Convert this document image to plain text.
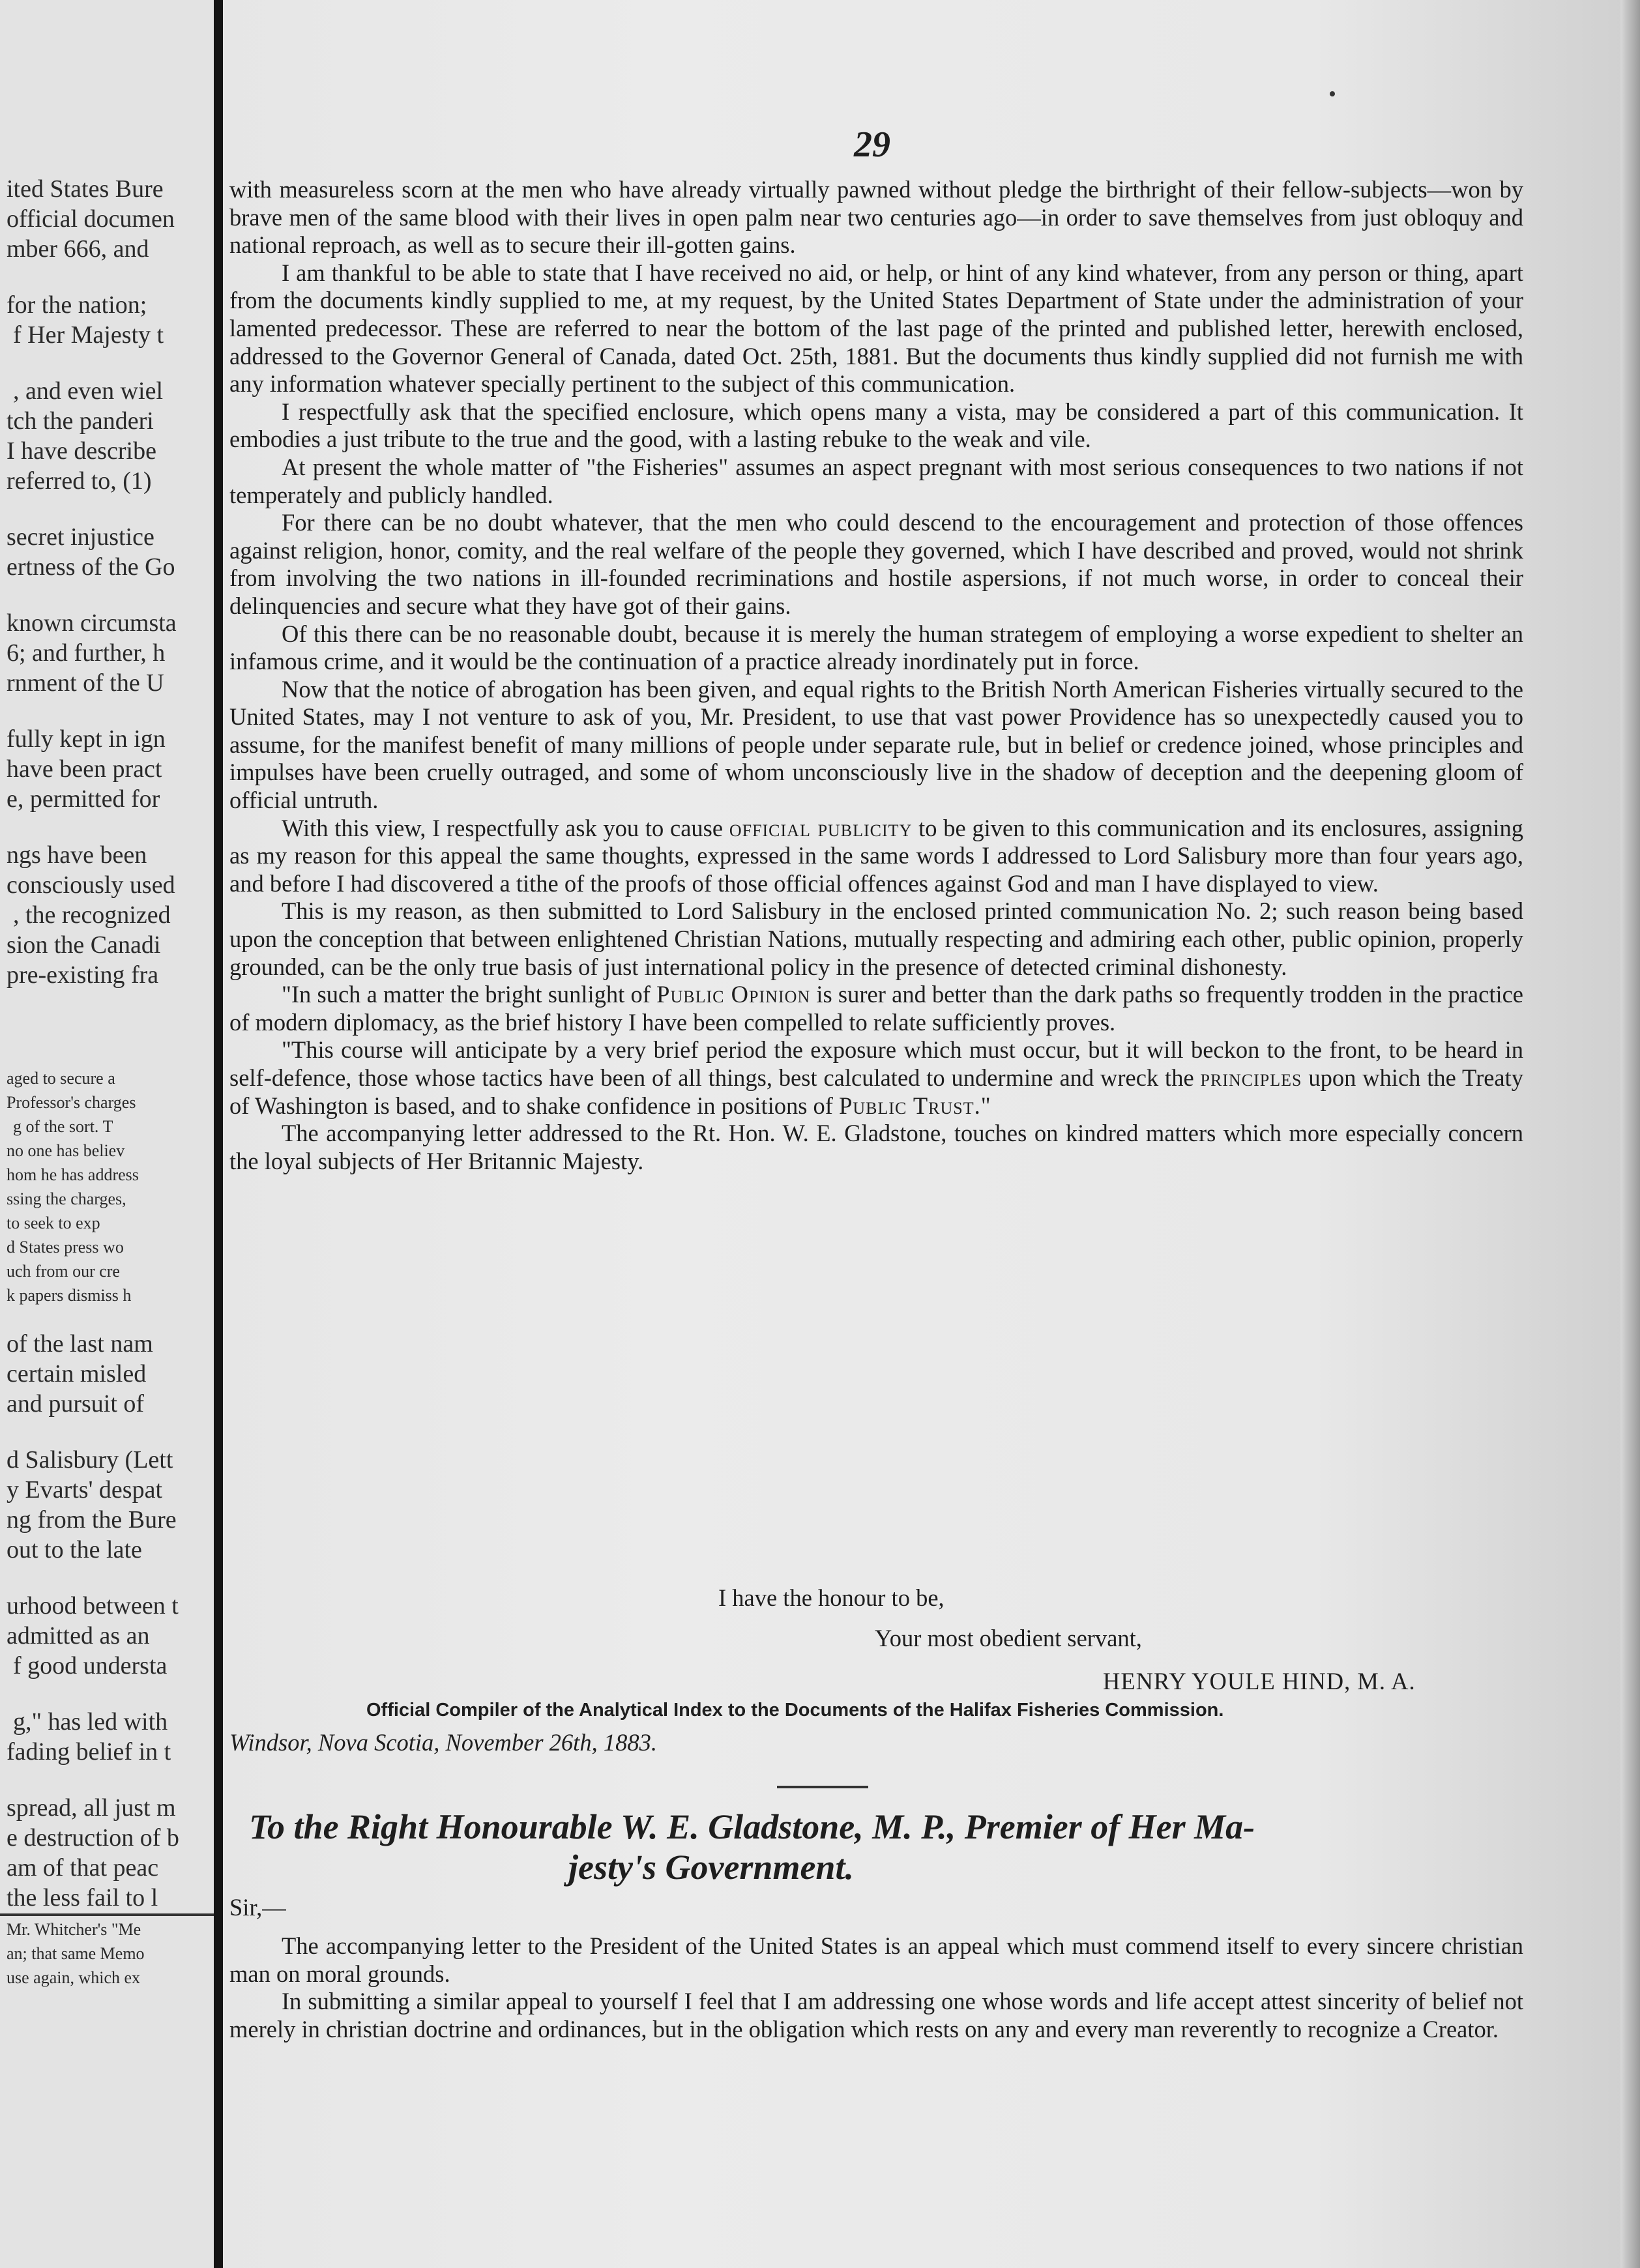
ited States Bure
official documen
mber 666, and
for the nation;
f Her Majesty t
, and even wiel
tch the panderi
I have describe
referred to, (1)
secret injustice
ertness of the Go
known circumsta
6; and further, h
rnment of the U
fully kept in ign
have been pract
e, permitted for
ngs have been
consciously used
, the recognized
sion the Canadi
pre-existing fra
aged to secure a
Professor's charges
g of the sort. T
no one has believ
hom he has address
ssing the charges,
to seek to exp
d States press wo
uch from our cre
k papers dismiss h
of the last nam
certain misled
and pursuit of
d Salisbury (Lett
y Evarts' despat
ng from the Bure
out to the late
urhood between t
admitted as an
f good understa
g," has led with
fading belief in t
spread, all just m
e destruction of b
am of that peac
the less fail to l
Mr. Whitcher's "Me
an; that same Memo
use again, which ex
29

with measureless scorn at the men who have already virtually pawned without pledge the birthright of their fellow-subjects—won by brave men of the same blood with their lives in open palm near two centuries ago—in order to save themselves from just obloquy and national reproach, as well as to secure their ill-gotten gains.

I am thankful to be able to state that I have received no aid, or help, or hint of any kind whatever, from any person or thing, apart from the documents kindly supplied to me, at my request, by the United States Department of State under the administration of your lamented predecessor. These are referred to near the bottom of the last page of the printed and published letter, herewith enclosed, addressed to the Governor General of Canada, dated Oct. 25th, 1881. But the documents thus kindly supplied did not furnish me with any information whatever specially pertinent to the subject of this communication.

I respectfully ask that the specified enclosure, which opens many a vista, may be considered a part of this communication. It embodies a just tribute to the true and the good, with a lasting rebuke to the weak and vile.

At present the whole matter of "the Fisheries" assumes an aspect pregnant with most serious consequences to two nations if not temperately and publicly handled.

For there can be no doubt whatever, that the men who could descend to the encouragement and protection of those offences against religion, honor, comity, and the real welfare of the people they governed, which I have described and proved, would not shrink from involving the two nations in ill-founded recriminations and hostile aspersions, if not much worse, in order to conceal their delinquencies and secure what they have got of their gains.

Of this there can be no reasonable doubt, because it is merely the human strategem of employing a worse expedient to shelter an infamous crime, and it would be the continuation of a practice already inordinately put in force.

Now that the notice of abrogation has been given, and equal rights to the British North American Fisheries virtually secured to the United States, may I not venture to ask of you, Mr. President, to use that vast power Providence has so unexpectedly caused you to assume, for the manifest benefit of many millions of people under separate rule, but in belief or credence joined, whose principles and impulses have been cruelly outraged, and some of whom unconsciously live in the shadow of deception and the deepening gloom of official untruth.

With this view, I respectfully ask you to cause official publicity to be given to this communication and its enclosures, assigning as my reason for this appeal the same thoughts, expressed in the same words I addressed to Lord Salisbury more than four years ago, and before I had discovered a tithe of the proofs of those official offences against God and man I have displayed to view.

This is my reason, as then submitted to Lord Salisbury in the enclosed printed communication No. 2; such reason being based upon the conception that between enlightened Christian Nations, mutually respecting and admiring each other, public opinion, properly grounded, can be the only true basis of just international policy in the presence of detected criminal dishonesty.

"In such a matter the bright sunlight of Public Opinion is surer and better than the dark paths so frequently trodden in the practice of modern diplomacy, as the brief history I have been compelled to relate sufficiently proves.

"This course will anticipate by a very brief period the exposure which must occur, but it will beckon to the front, to be heard in self-defence, those whose tactics have been of all things, best calculated to undermine and wreck the principles upon which the Treaty of Washington is based, and to shake confidence in positions of Public Trust."

The accompanying letter addressed to the Rt. Hon. W. E. Gladstone, touches on kindred matters which more especially concern the loyal subjects of Her Britannic Majesty.

I have the honour to be,
Your most obedient servant,
HENRY YOULE HIND, M. A.
Official Compiler of the Analytical Index to the Documents of the Halifax Fisheries Commission.
Windsor, Nova Scotia, November 26th, 1883.
To the Right Honourable W. E. Gladstone, M. P., Premier of Her Ma-
jesty's Government.
Sir,—

The accompanying letter to the President of the United States is an appeal which must commend itself to every sincere christian man on moral grounds.

In submitting a similar appeal to yourself I feel that I am addressing one whose words and life accept attest sincerity of belief not merely in christian doctrine and ordinances, but in the obligation which rests on any and every man reverently to recognize a Creator.
